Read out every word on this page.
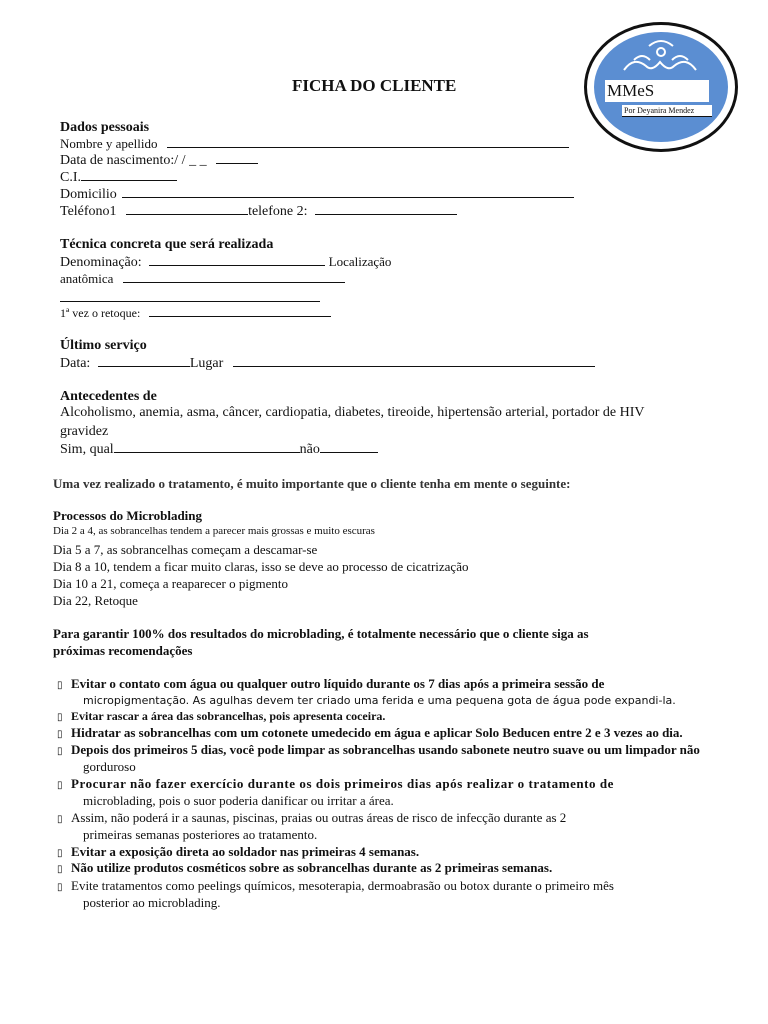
MMeS
Por Deyanira Mendez
FICHA DO CLIENTE
Dados pessoais
Nombre y apellido
Data de nascimento:/ / _ _
C.I.
Domicilio
Teléfono1	telefone 2:
Técnica concreta que será realizada
Denominação:	Localização
anatômica
1ª vez o retoque:
Último serviço
Data:	Lugar
Antecedentes de
Alcoholismo, anemia, asma, câncer, cardiopatia, diabetes, tireoide, hipertensão arterial, portador de HIV
gravidez
Sim, qual	não
Uma vez realizado o tratamento, é muito importante que o cliente tenha em mente o seguinte:
Processos do Microblading
Dia 2 a 4, as sobrancelhas tendem a parecer mais grossas e muito escuras
Dia 5 a 7, as sobrancelhas começam a descamar-se
Dia 8 a 10, tendem a ficar muito claras, isso se deve ao processo de cicatrização
Dia 10 a 21, começa a reaparecer o pigmento
Dia 22, Retoque
Para garantir 100% dos resultados do microblading, é totalmente necessário que o cliente siga as
próximas recomendações
▯ Evitar o contato com água ou qualquer outro líquido durante os 7 dias após a primeira sessão de
micropigmentação. As agulhas devem ter criado uma ferida e uma pequena gota de água pode expandi-la.
▯ Evitar rascar a área das sobrancelhas, pois apresenta coceira.
▯ Hidratar as sobrancelhas com um cotonete umedecido em água e aplicar Solo Beducen entre 2 e 3 vezes ao dia.
▯ Depois dos primeiros 5 dias, você pode limpar as sobrancelhas usando sabonete neutro suave ou um limpador não
gorduroso
▯ Procurar não fazer exercício durante os dois primeiros dias após realizar o tratamento de
microblading, pois o suor poderia danificar ou irritar a área.
▯ Assim, não poderá ir a saunas, piscinas, praias ou outras áreas de risco de infecção durante as 2
primeiras semanas posteriores ao tratamento.
▯ Evitar a exposição direta ao soldador nas primeiras 4 semanas.
▯ Não utilize produtos cosméticos sobre as sobrancelhas durante as 2 primeiras semanas.
▯ Evite tratamentos como peelings químicos, mesoterapia, dermoabrasão ou botox durante o primeiro mês
posterior ao microblading.
